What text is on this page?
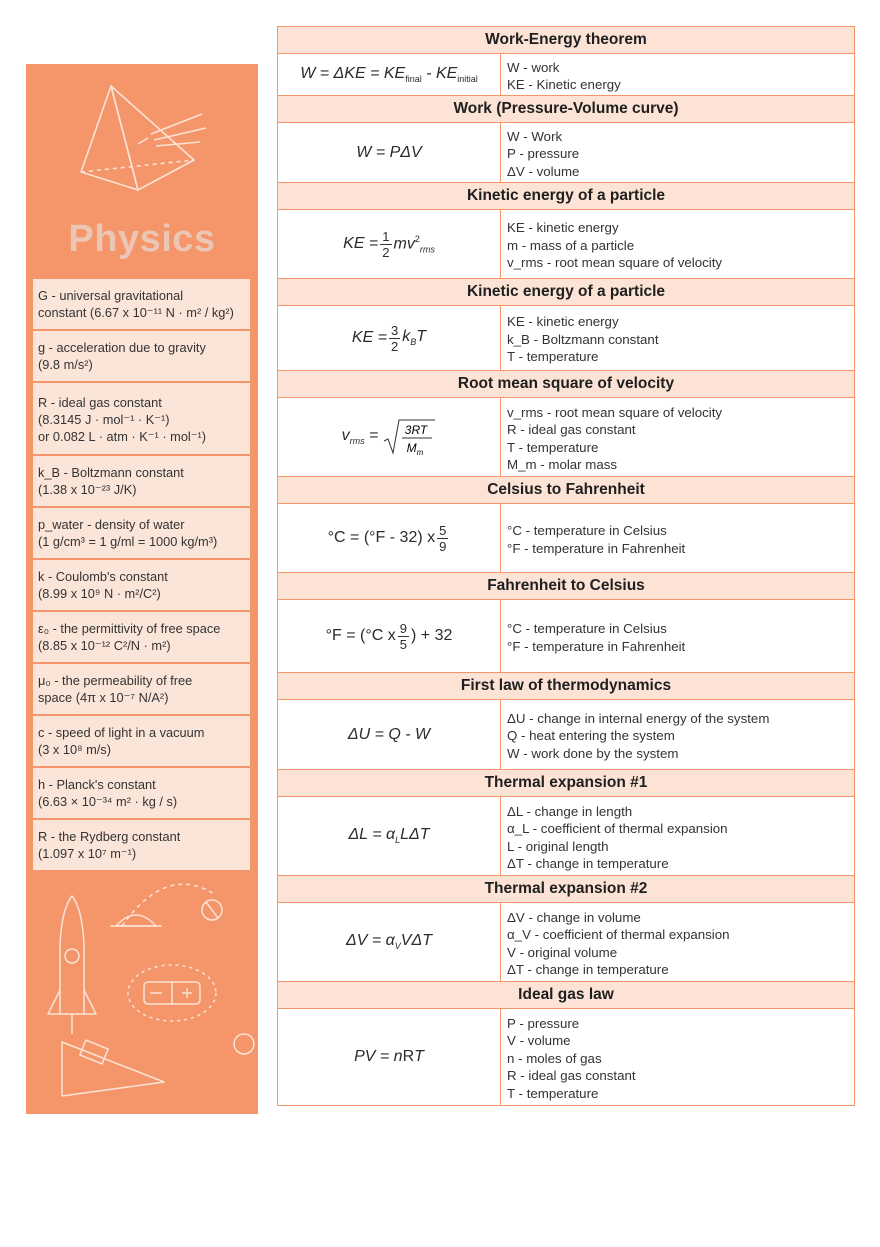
Physics
G - universal gravitational
constant (6.67 x 10⁻¹¹ N · m² / kg²)
g - acceleration due to gravity
(9.8 m/s²)
R - ideal gas constant
(8.3145 J · mol⁻¹ · K⁻¹)
or 0.082 L · atm · K⁻¹ · mol⁻¹)
k_B - Boltzmann constant
(1.38 x 10⁻²³ J/K)
p_water - density of water
(1 g/cm³ = 1 g/ml = 1000 kg/m³)
k - Coulomb's constant
(8.99 x 10⁹ N · m²/C²)
ε₀ - the permittivity of free space
(8.85 x 10⁻¹² C²/N · m²)
μ₀ - the permeability of free
space (4π x 10⁻⁷ N/A²)
c - speed of light in a vacuum
(3 x 10⁸ m/s)
h - Planck's constant
(6.63 × 10⁻³⁴ m² · kg / s)
R - the Rydberg constant
(1.097 x 10⁷ m⁻¹)
Work-Energy theorem
$W = \Delta KE = KE_{final} - KE_{initial}$
W - work
KE - Kinetic energy
Work (Pressure-Volume curve)
W = PΔV
W - Work
P - pressure
ΔV - volume
Kinetic energy of a particle
KE = $\frac{1}{2} mv^2_{rms}$
KE - kinetic energy
m - mass of a particle
v_rms - root mean square of velocity
Kinetic energy of a particle
KE = $\frac{3}{2} k_BT$
KE - kinetic energy
k_B - Boltzmann constant
T - temperature
Root mean square of velocity
$v_{rms} = 3RT$
$M_m$
v_rms - root mean square of velocity
R - ideal gas constant
T - temperature
M_m - molar mass
Celsius to Fahrenheit
°C = (°F - 32) x $\frac{5}{9}$	°C - temperature in Celsius
°F - temperature in Fahrenheit
Fahrenheit to Celsius
°F = (°C x $\frac{9}{5}$ ) + 32	°C - temperature in Celsius
°F - temperature in Fahrenheit
First law of thermodynamics
ΔU = Q - W
ΔU - change in internal energy of the system
Q - heat entering the system
W - work done by the system
Thermal expansion #1
$\Delta L = \alpha_LL\Delta T$
ΔL - change in length
α_L - coefficient of thermal expansion
L - original length
ΔT - change in temperature
Thermal expansion #2
$\Delta V = \alpha_VV\Delta T$
ΔV - change in volume
α_V - coefficient of thermal expansion
V - original volume
ΔT - change in temperature
Ideal gas law
PV = nRT
P - pressure
V - volume
n - moles of gas
R - ideal gas constant
T - temperature
